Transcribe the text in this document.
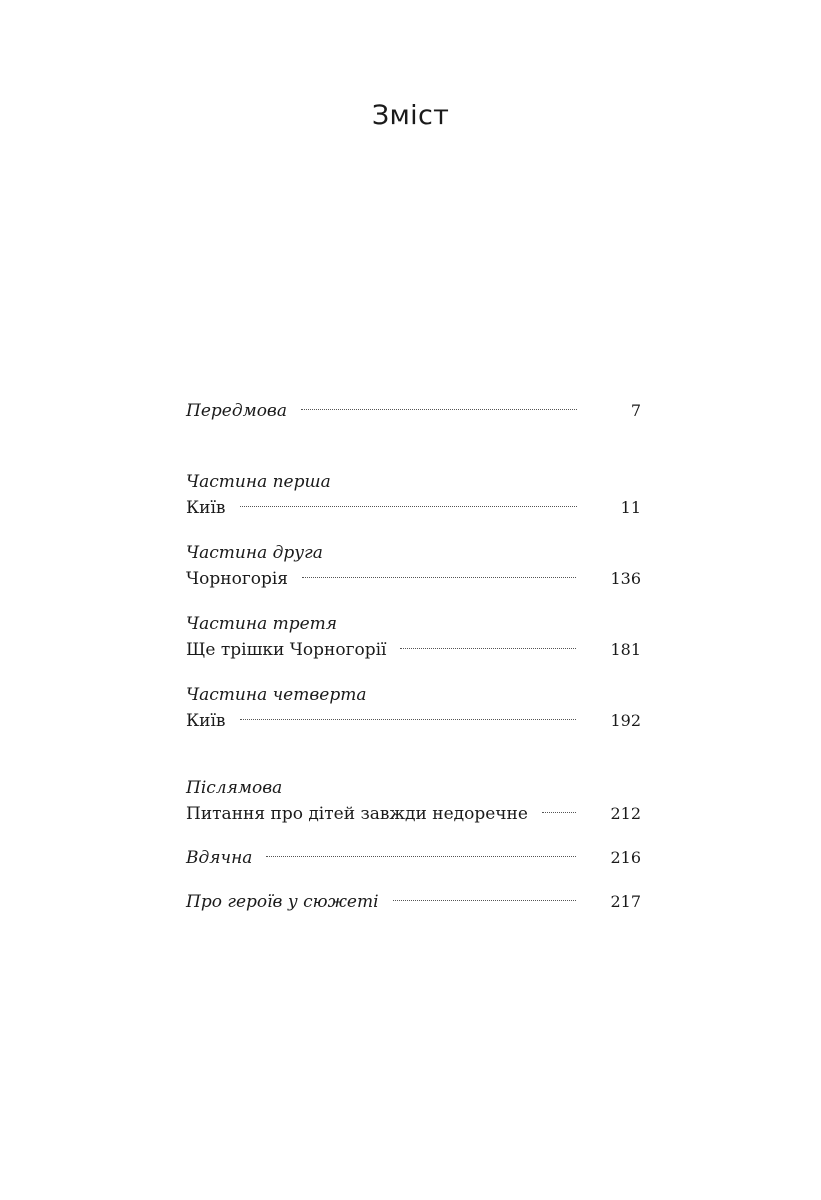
Зміст
Передмова	7
Частина перша
Київ	11
Частина друга
Чорногорія	136
Частина третя
Ще трішки Чорногорії	181
Частина четверта
Київ	192
Післямова
Питання про дітей завжди недоречне	212
Вдячна	216
Про героїв у сюжеті	217
